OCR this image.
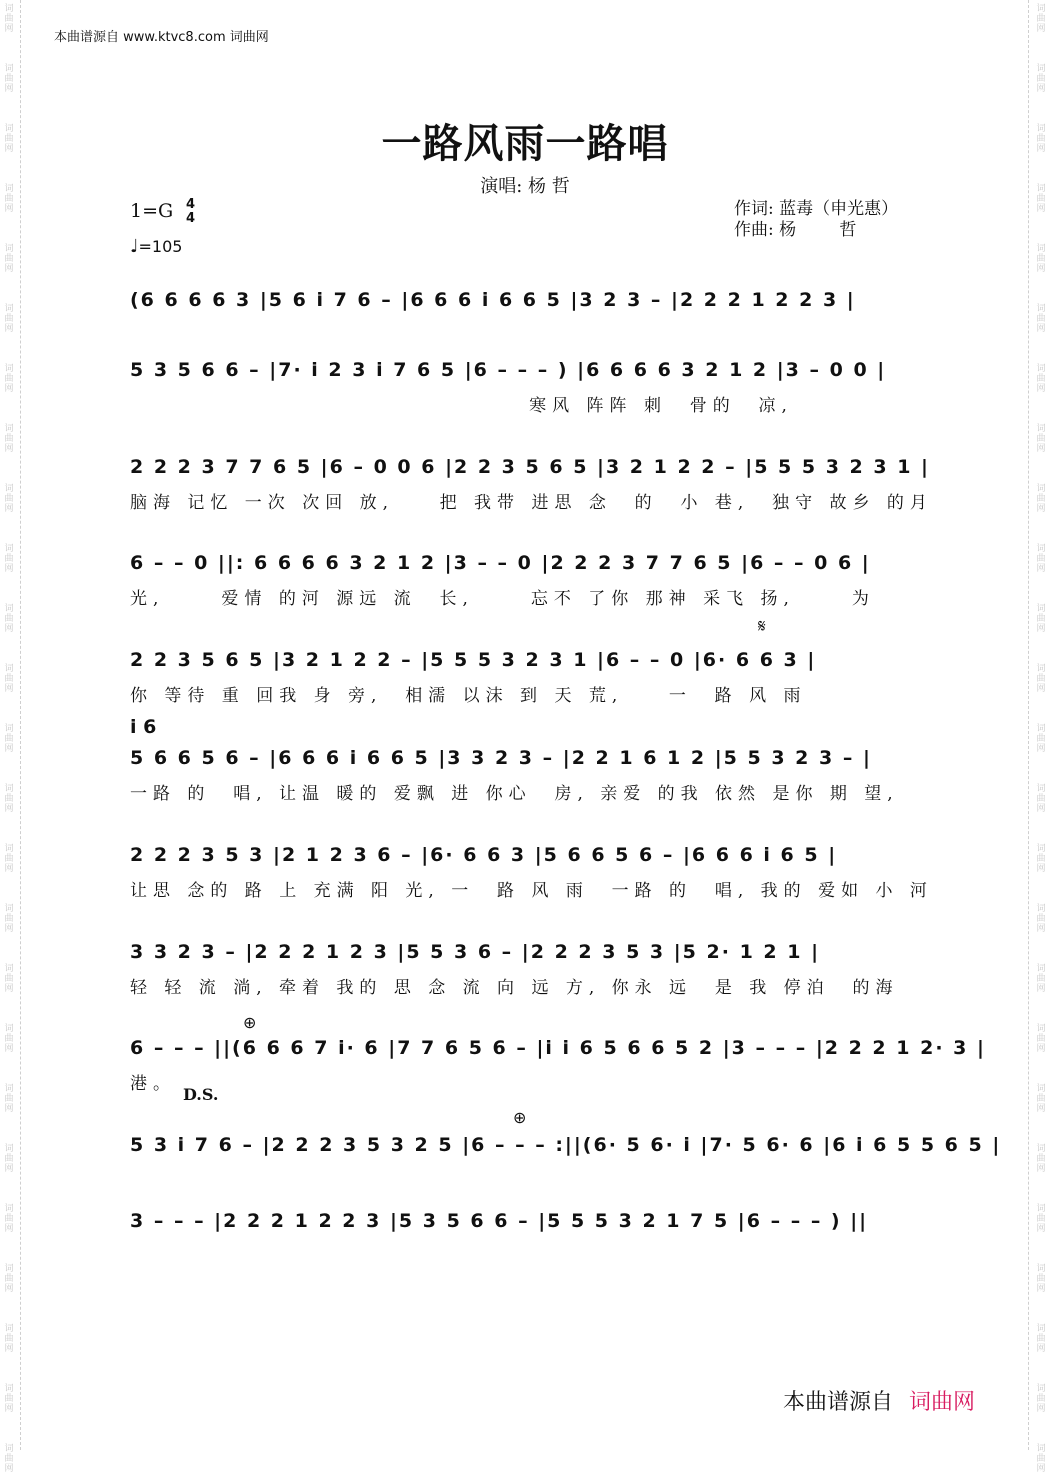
词
曲
网
词
曲
网
词
曲
网
词
曲
网
词
曲
网
词
曲
网
词
曲
网
词
曲
网
词
曲
网
词
曲
网
词
曲
网
词
曲
网
词
曲
网
词
曲
网
词
曲
网
词
曲
网
词
曲
网
词
曲
网
词
曲
网
词
曲
网
词
曲
网
词
曲
网
词
曲
网
词
曲
网
词
曲
网
词
曲
网
词
曲
网
词
曲
网
词
曲
网
词
曲
网
词
曲
网
词
曲
网
词
曲
网
词
曲
网
词
曲
网
词
曲
网
词
曲
网
词
曲
网
词
曲
网
词
曲
网
词
曲
网
词
曲
网
词
曲
网
词
曲
网
词
曲
网
词
曲
网
词
曲
网
词
曲
网
词
曲
网
词
曲
网
本曲谱源自 www.ktvc8.com 词曲网
一路风雨一路唱
演唱: 杨 哲
1=G 4
4
♩=105
作词: 蓝毒（申光惠）
作曲: 杨        哲
(6 6 6 6 3 |5 6 i 7 6 – |6 6 6 i 6 6 5 |3 2 3 – |2 2 2 1 2 2 3 |
5 3 5 6 6 – |7· i 2 3 i 7 6 5 |6 – – – ) |6 6 6 6 3 2 1 2 |3 – 0 0 |
寒风 阵阵 刺  骨的  凉,
2 2 2 3 7 7 6 5 |6 – 0 0 6 |2 2 3 5 6 5 |3 2 1 2 2 – |5 5 5 3 2 3 1 |
脑海 记忆 一次 次回 放,    把 我带 进思 念  的  小 巷,  独守 故乡 的月
6 – – 0 ||: 6 6 6 6 3 2 1 2 |3 – – 0 |2 2 2 3 7 7 6 5 |6 – – 0 6 |
光,     爱情 的河 源远 流  长,     忘不 了你 那神 采飞 扬,     为
2 2 3 5 6 5 |3 2 1 2 2 – |5 5 5 3 2 3 1 |6 – – 0 |6· 6 6 3 |
你 等待 重 回我 身 旁,  相濡 以沫 到 天 荒,    一  路 风 雨
5 6 6 5 6 – |6 6 6 i 6 6 5 |3 3 2 3 – |2 2 1 6 1 2 |5 5 3 2 3 – |
一路 的  唱, 让温 暖的 爱飘 进 你心  房, 亲爱 的我 依然 是你 期 望,
2 2 2 3 5 3 |2 1 2 3 6 – |6· 6 6 3 |5 6 6 5 6 – |6 6 6 i 6 5 |
让思 念的 路 上 充满 阳 光, 一  路 风 雨  一路 的  唱, 我的 爱如 小 河
3 3 2 3 – |2 2 2 1 2 3 |5 5 3 6 – |2 2 2 3 5 3 |5 2· 1 2 1 |
轻 轻 流 淌, 牵着 我的 思 念 流 向 远 方, 你永 远  是 我 停泊  的海
6 – – – ||(6 6 6 7 i· 6 |7 7 6 5 6 – |i i 6 5 6 6 5 2 |3 – – – |2 2 2 1 2· 3 |
港。
5 3 i 7 6 – |2 2 2 3 5 3 2 5 |6 – – – :||(6· 5 6· i |7· 5 6· 6 |6 i 6 5 5 6 5 |
3 – – – |2 2 2 1 2 2 3 |5 3 5 6 6 – |5 5 5 3 2 1 7 5 |6 – – – ) ||
𝄋
i 6
⊕
D.S.
⊕
本曲谱源自 词曲网
